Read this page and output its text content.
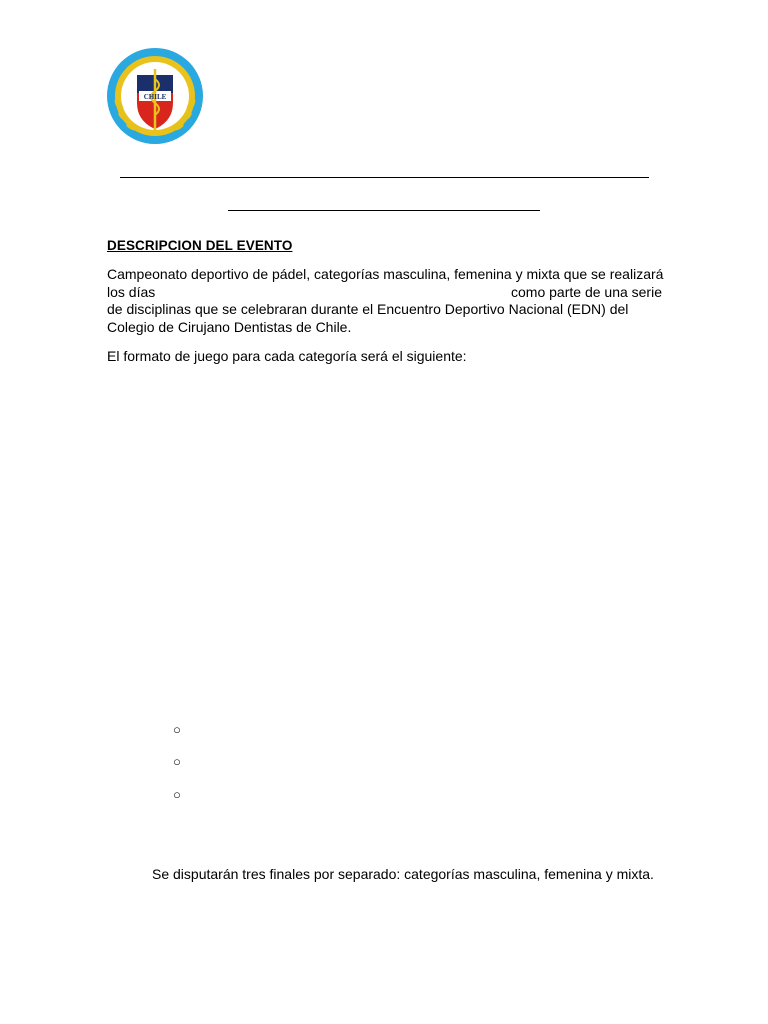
CHILE
DESCRIPCION DEL EVENTO
Campeonato deportivo de pádel, categorías masculina, femenina y mixta que se realizará
los días	como parte de una serie
de disciplinas que se celebraran durante el Encuentro Deportivo Nacional (EDN) del
Colegio de Cirujano Dentistas de Chile.
El formato de juego para cada categoría será el siguiente:
○
○
○
Se disputarán tres finales por separado: categorías masculina, femenina y mixta.
